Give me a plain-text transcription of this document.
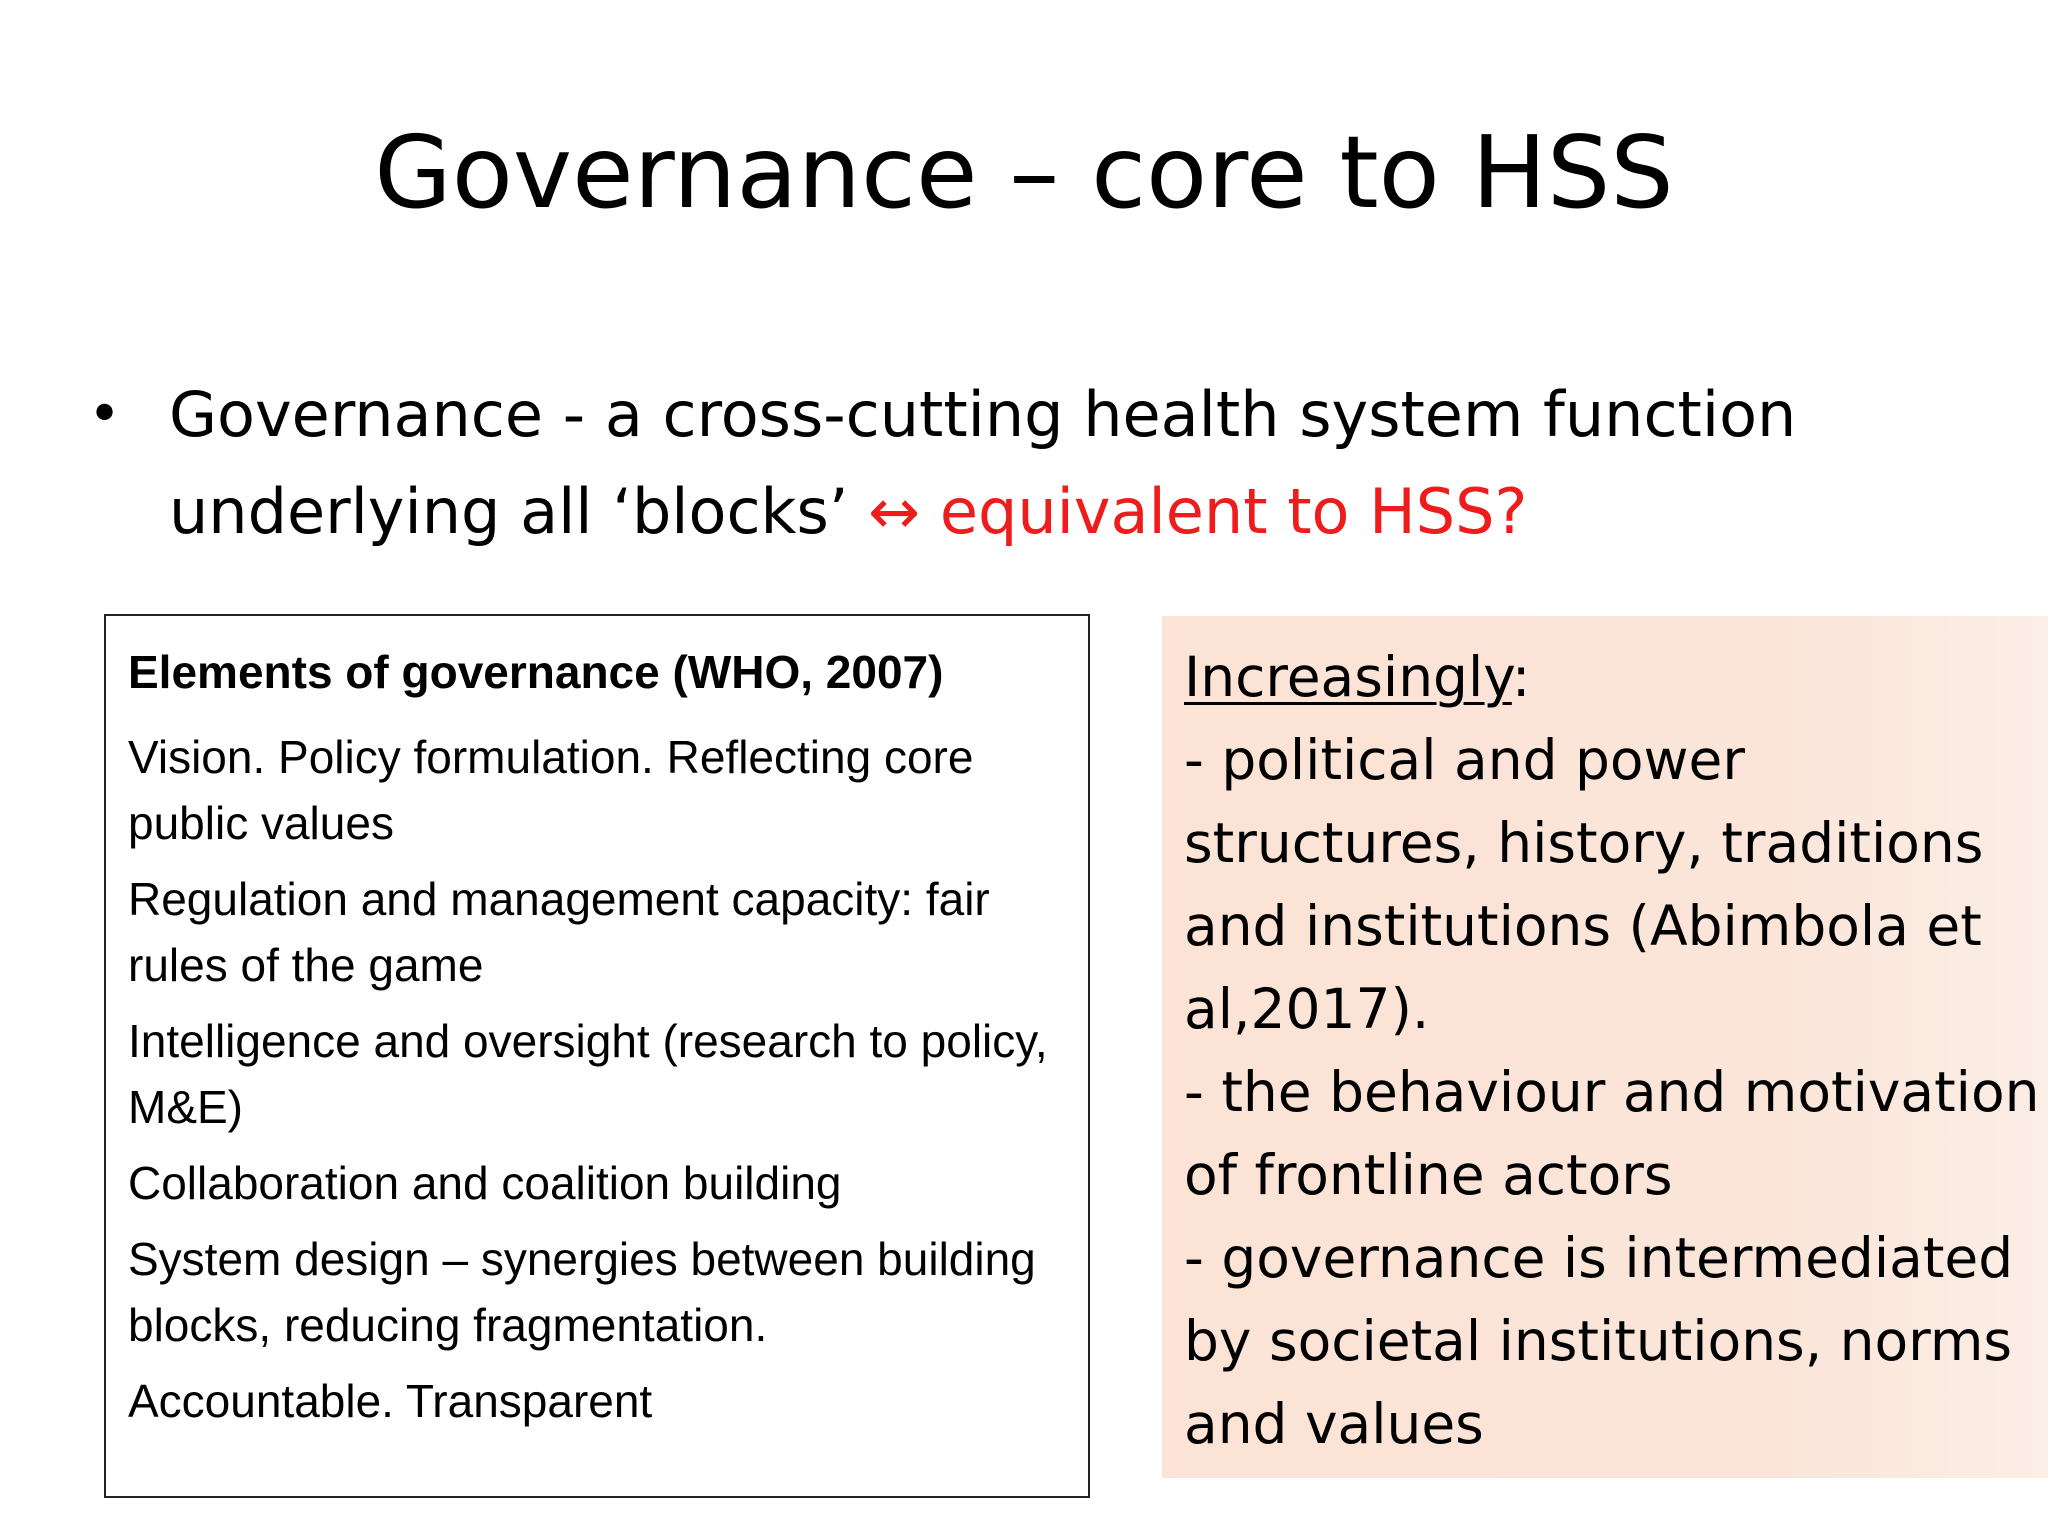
Governance – core to HSS
• Governance - a cross-cutting health system function underlying all ‘blocks’ ↔ equivalent to HSS?
Elements of governance (WHO, 2007)
Vision. Policy formulation. Reflecting core public values
Regulation and management capacity: fair rules of the game
Intelligence and oversight (research to policy, M&E)
Collaboration and coalition building
System design – synergies between building blocks, reducing fragmentation.
Accountable. Transparent

Increasingly:

- political and power structures, history, traditions and institutions (Abimbola et al,2017).

- the behaviour and motivation of frontline actors

- governance is intermediated by societal institutions, norms and values
